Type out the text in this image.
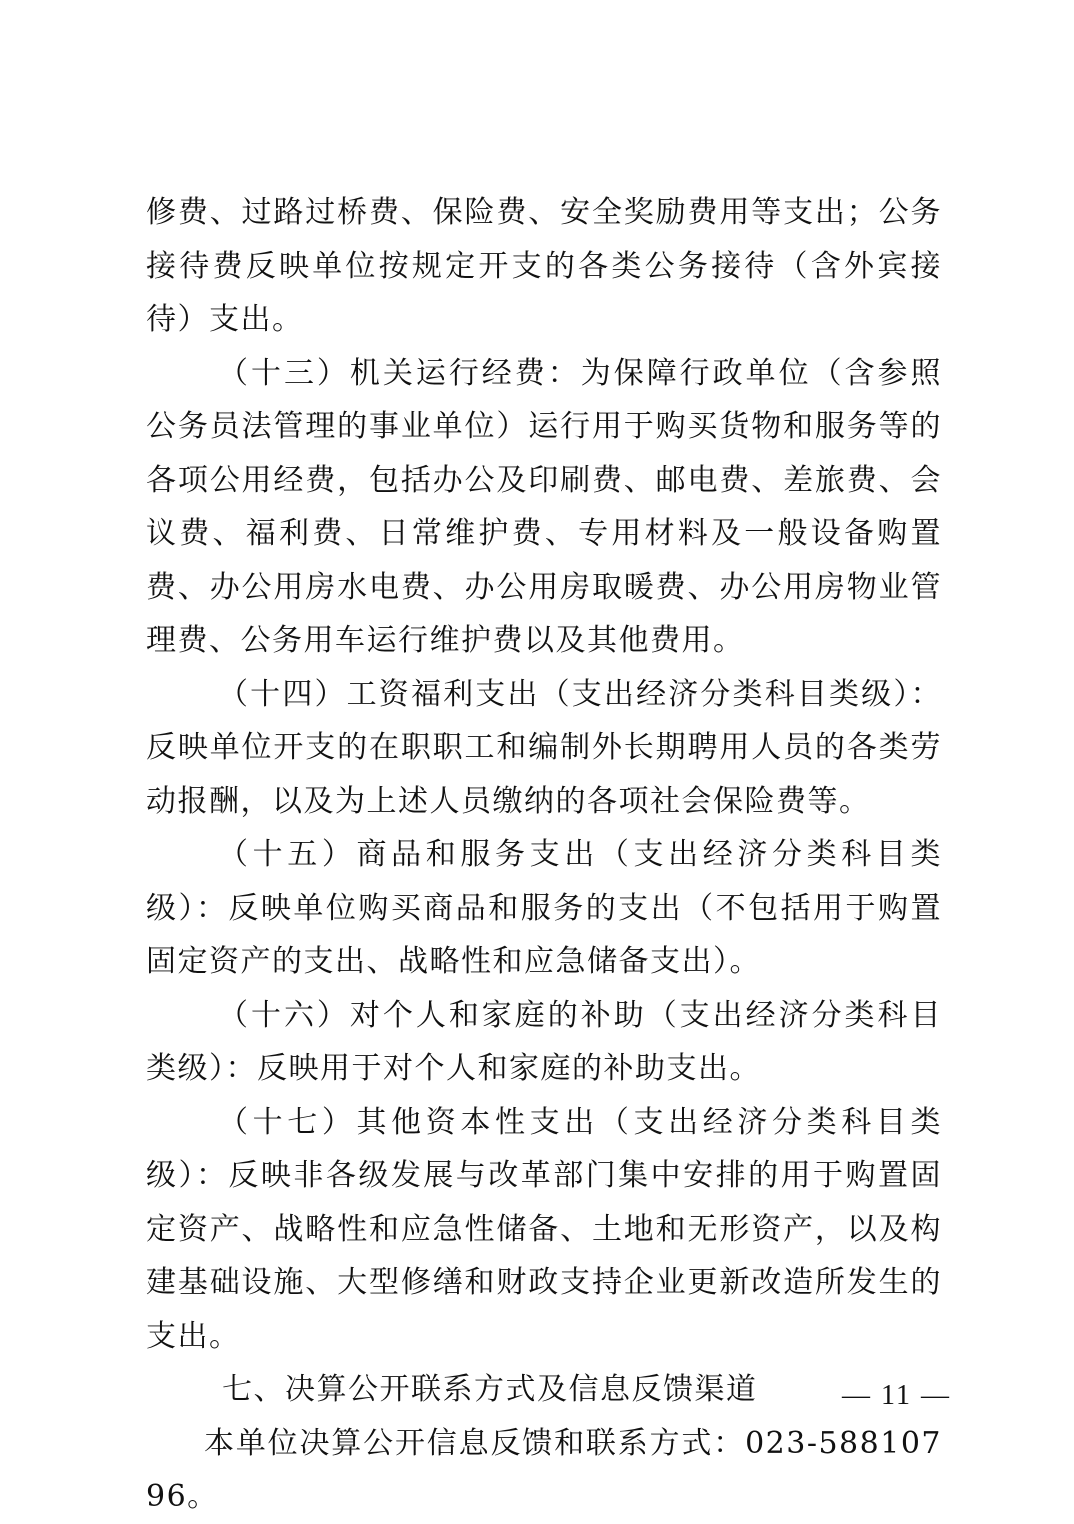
修费、过路过桥费、保险费、安全奖励费用等支出；公务接待费反映单位按规定开支的各类公务接待（含外宾接待）支出。

（十三）机关运行经费：为保障行政单位（含参照公务员法管理的事业单位）运行用于购买货物和服务等的各项公用经费，包括办公及印刷费、邮电费、差旅费、会议费、福利费、日常维护费、专用材料及一般设备购置费、办公用房水电费、办公用房取暖费、办公用房物业管理费、公务用车运行维护费以及其他费用。

（十四）工资福利支出（支出经济分类科目类级）：反映单位开支的在职职工和编制外长期聘用人员的各类劳动报酬，以及为上述人员缴纳的各项社会保险费等。

（十五）商品和服务支出（支出经济分类科目类级）：反映单位购买商品和服务的支出（不包括用于购置固定资产的支出、战略性和应急储备支出）。

（十六）对个人和家庭的补助（支出经济分类科目类级）：反映用于对个人和家庭的补助支出。

（十七）其他资本性支出（支出经济分类科目类级）：反映非各级发展与改革部门集中安排的用于购置固定资产、战略性和应急性储备、土地和无形资产，以及构建基础设施、大型修缮和财政支持企业更新改造所发生的支出。

七、决算公开联系方式及信息反馈渠道

本单位决算公开信息反馈和联系方式：023-58810796。

— 11 —
